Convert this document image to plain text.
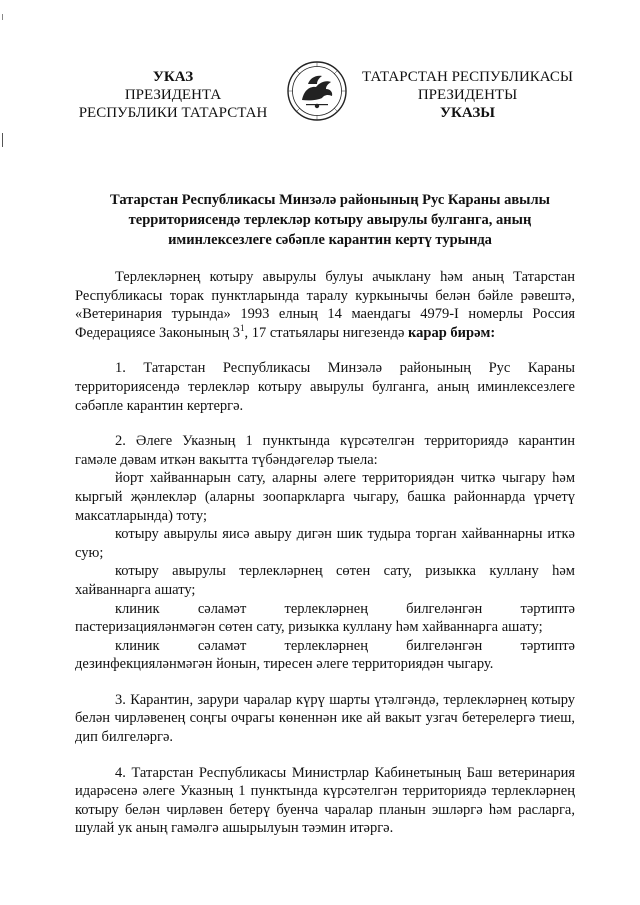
УКАЗ
ПРЕЗИДЕНТА
РЕСПУБЛИКИ ТАТАРСТАН
ТАТАРСТАН РЕСПУБЛИКАСЫ
ПРЕЗИДЕНТЫ
УКАЗЫ
Татарстан Республикасы Минзәлә районының Рус Караны авылы
территориясендә терлекләр котыру авырулы булганга, аның
иминлексезлеге сәбәпле карантин кертү турында

Терлекләрнең котыру авырулы булуы ачыклану һәм аның Татарстан Республикасы торак пунктларында таралу куркынычы белән бәйле рәвештә, «Ветеринария турында» 1993 елның 14 маендагы 4979-I номерлы Россия Федерациясе Законының $3^1$, 17 статьялары нигезендә карар бирәм:

1. Татарстан Республикасы Минзәлә районының Рус Караны территориясендә терлекләр котыру авырулы булганга, аның иминлексезлеге сәбәпле карантин кертергә.

2. Әлеге Указның 1 пунктында күрсәтелгән территориядә карантин гамәле дәвам иткән вакытта түбәндәгеләр тыела:

йорт хайваннарын сату, аларны әлеге территориядән читкә чыгару һәм кыргый җәнлекләр (аларны зоопаркларга чыгару, башка районнарда үрчетү максатларында) тоту;

котыру авырулы яисә авыру дигән шик тудыра торган хайваннарны иткә сую;

котыру авырулы терлекләрнең сөтен сату, ризыкка куллану һәм хайваннарга ашату;

клиник сәламәт терлекләрнең билгеләнгән тәртиптә пастеризацияләнмәгән сөтен сату, ризыкка куллану һәм хайваннарга ашату;

клиник сәламәт терлекләрнең билгеләнгән тәртиптә дезинфекцияләнмәгән йонын, тиресен әлеге территориядән чыгару.

3. Карантин, зарури чаралар күрү шарты үтәлгәндә, терлекләрнең котыру белән чирләвенең соңгы очрагы көненнән ике ай вакыт узгач бетерелергә тиеш, дип билгеләргә.

4. Татарстан Республикасы Министрлар Кабинетының Баш ветеринария идарәсенә әлеге Указның 1 пунктында күрсәтелгән территориядә терлекләрнең котыру белән чирләвен бетерү буенча чаралар планын эшләргә һәм расларга, шулай ук аның гамәлгә ашырылуын тәэмин итәргә.
